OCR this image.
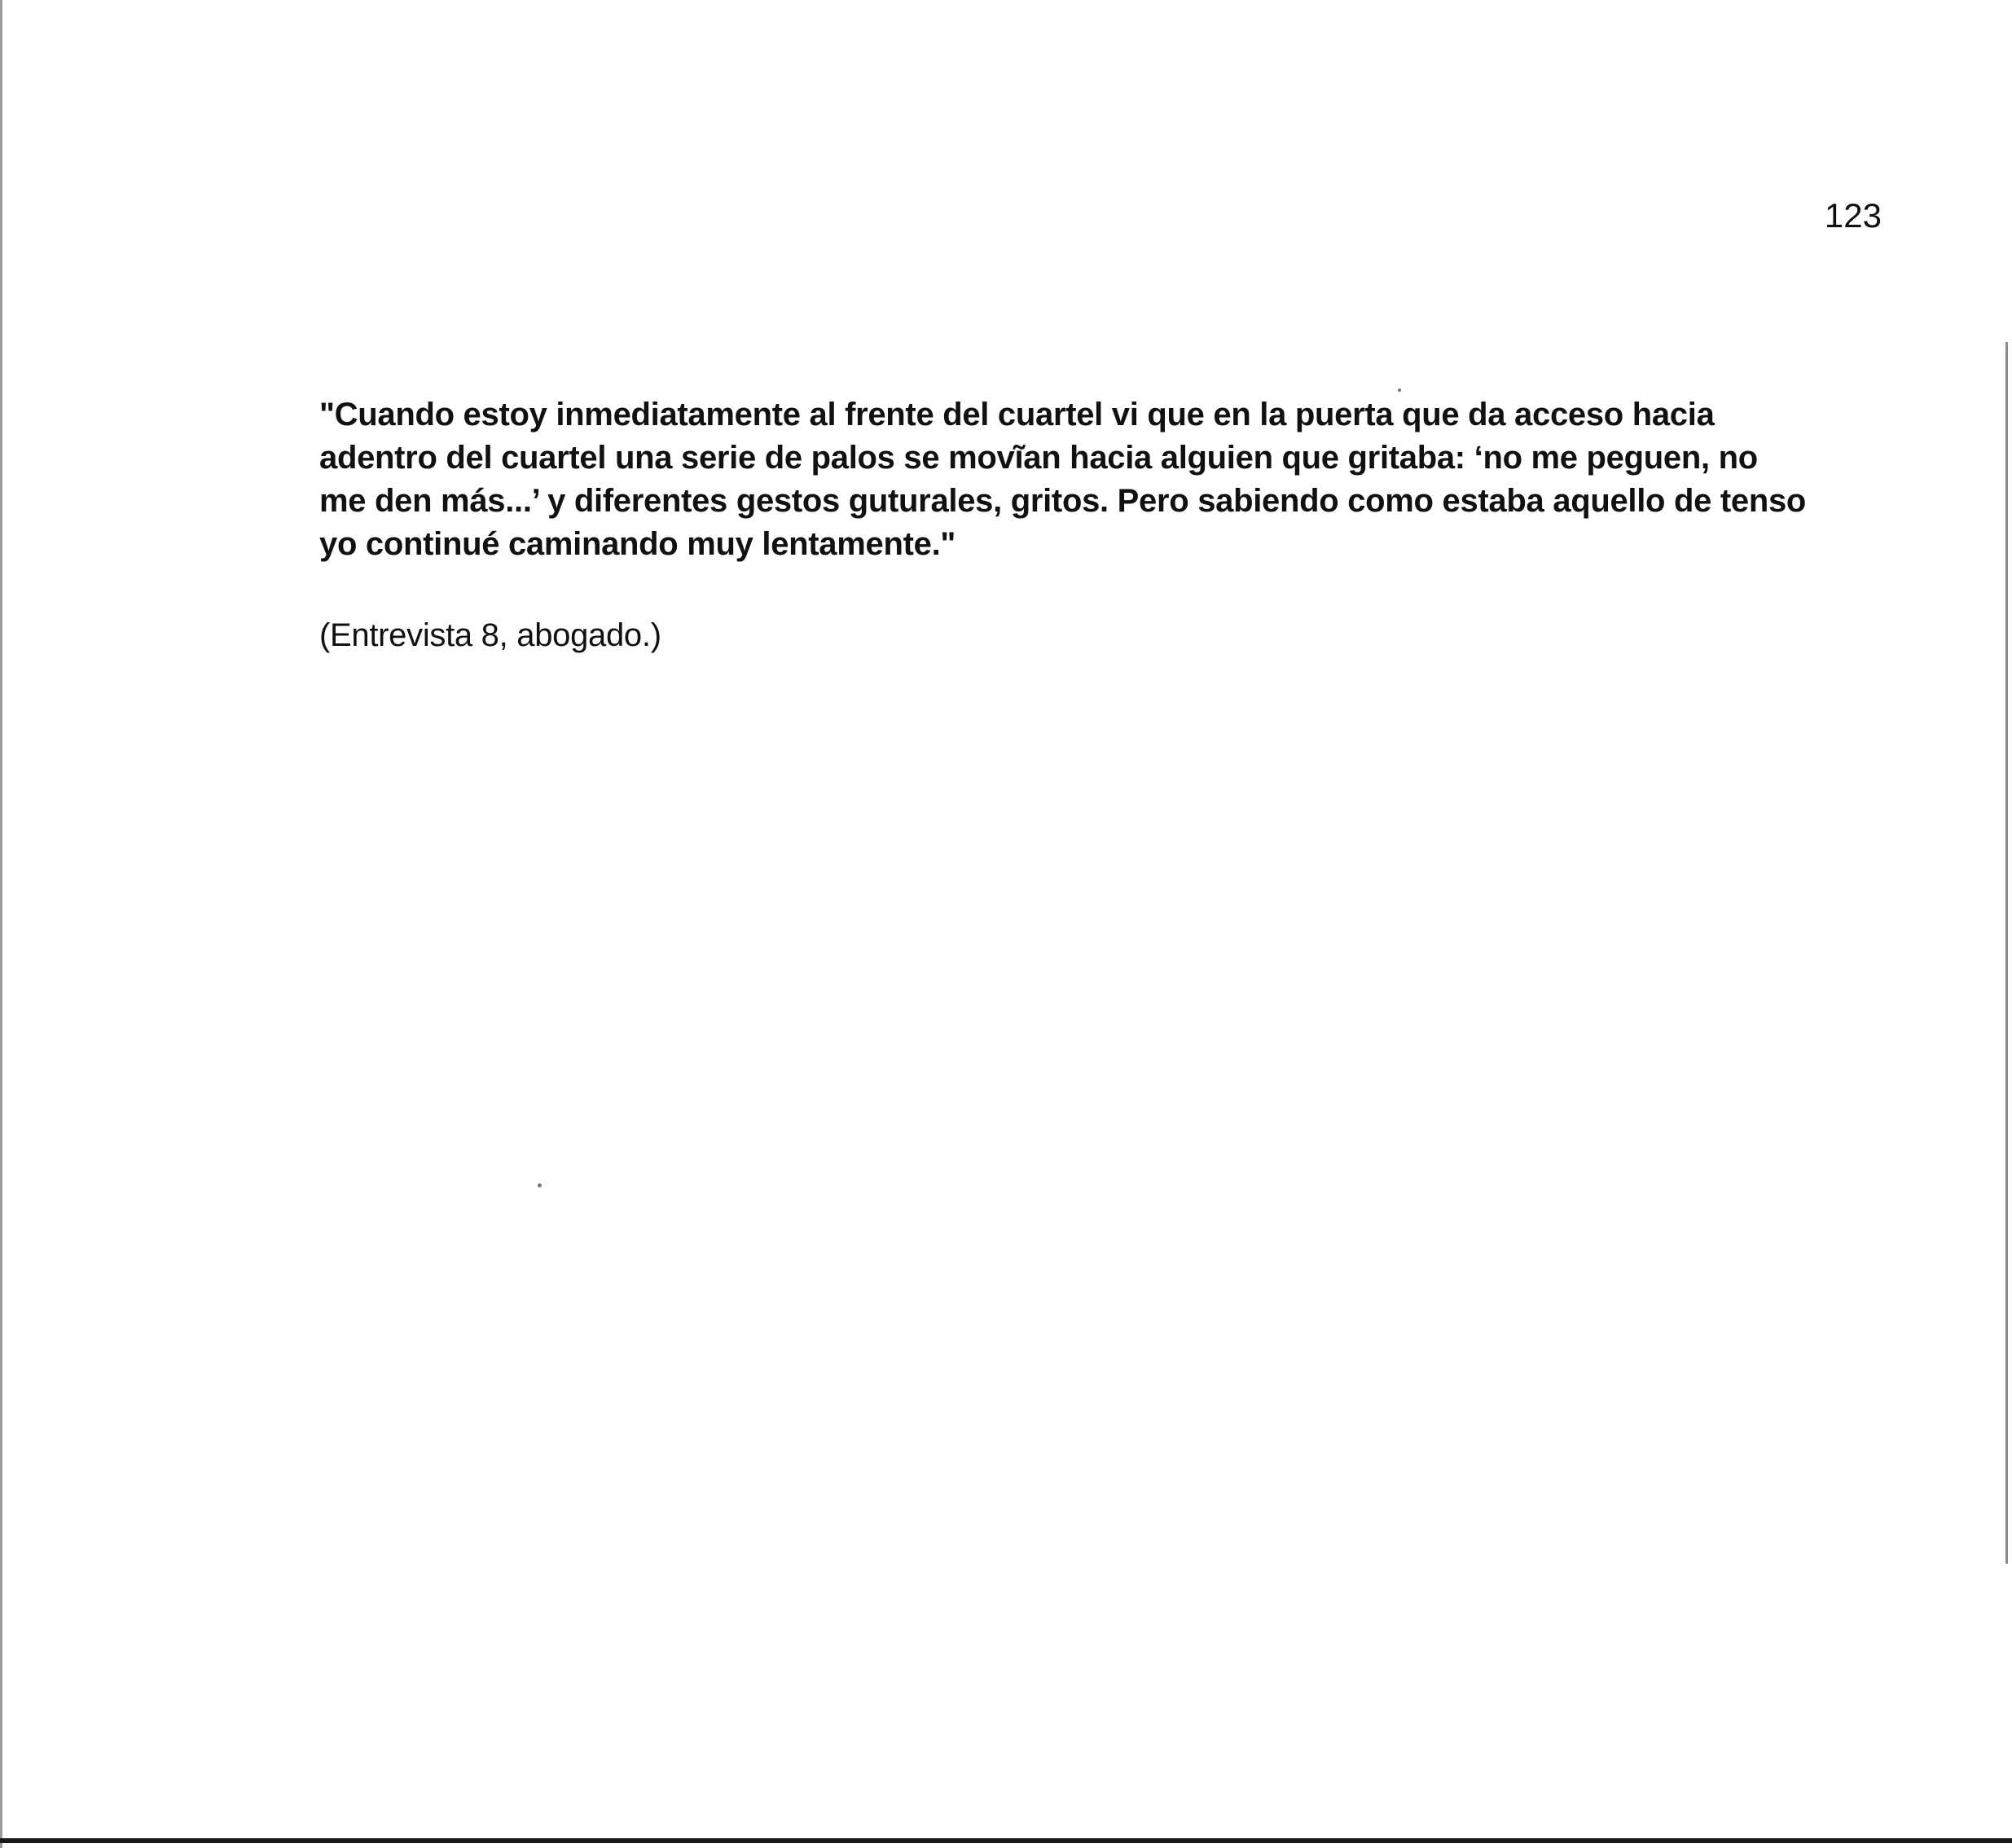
123

"Cuando estoy inmediatamente al frente del cuartel vi que en la puerta que da acceso hacia
adentro del cuartel una serie de palos se movĩan hacia alguien que gritaba: ‘no me peguen, no
me den más...’ y diferentes gestos guturales, gritos. Pero sabiendo como estaba aquello de tenso
yo continué caminando muy lentamente."

(Entrevista 8, abogado.)
